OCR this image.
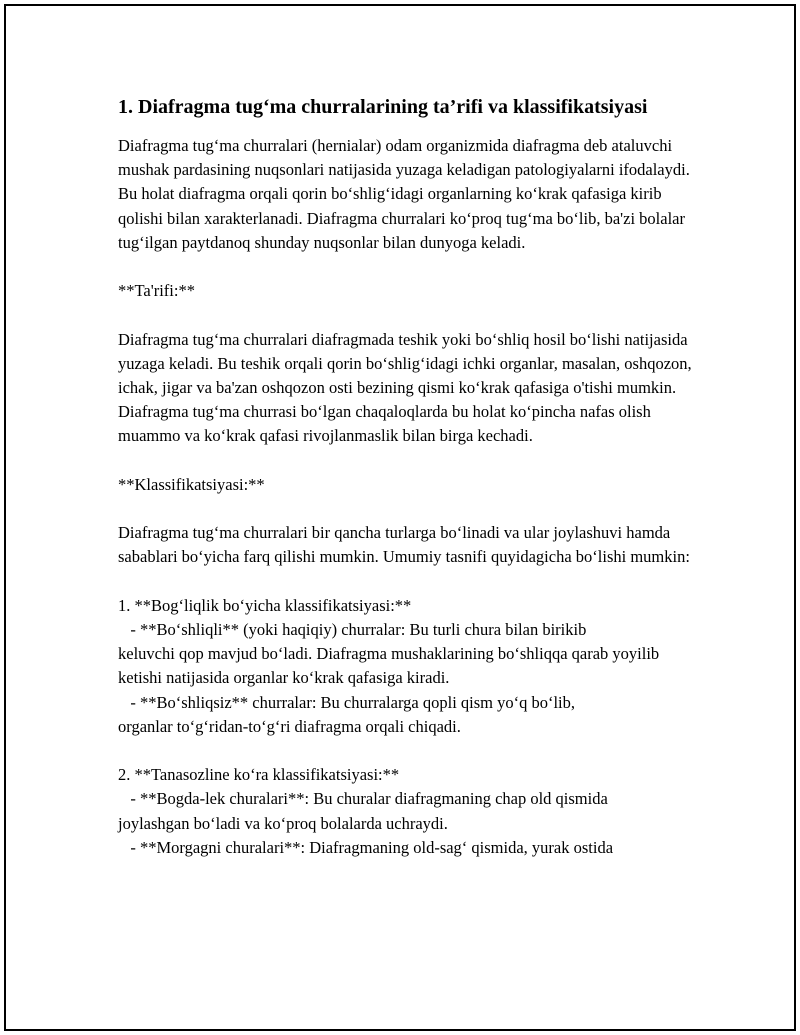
1. Diafragma tug‘ma churralarining ta’rifi va klassifikatsiyasi

Diafragma tug‘ma churralari (hernialar) odam organizmida diafragma deb ataluvchi mushak pardasining nuqsonlari natijasida yuzaga keladigan patologiyalarni ifodalaydi. Bu holat diafragma orqali qorin bo‘shlig‘idagi organlarning ko‘krak qafasiga kirib qolishi bilan xarakterlanadi. Diafragma churralari ko‘proq tug‘ma bo‘lib, ba'zi bolalar tug‘ilgan paytdanoq shunday nuqsonlar bilan dunyoga keladi.

**Ta'rifi:**

Diafragma tug‘ma churralari diafragmada teshik yoki bo‘shliq hosil bo‘lishi natijasida yuzaga keladi. Bu teshik orqali qorin bo‘shlig‘idagi ichki organlar, masalan, oshqozon, ichak, jigar va ba'zan oshqozon osti bezining qismi ko‘krak qafasiga o'tishi mumkin. Diafragma tug‘ma churrasi bo‘lgan chaqaloqlarda bu holat ko‘pincha nafas olish muammo va ko‘krak qafasi rivojlanmaslik bilan birga kechadi.

**Klassifikatsiyasi:**

Diafragma tug‘ma churralari bir qancha turlarga bo‘linadi va ular joylashuvi hamda sabablari bo‘yicha farq qilishi mumkin. Umumiy tasnifi quyidagicha bo‘lishi mumkin:

1. **Bog‘liqlik bo‘yicha klassifikatsiyasi:**

- **Bo‘shliqli** (yoki haqiqiy) churralar: Bu turli chura bilan birikib

keluvchi qop mavjud bo‘ladi. Diafragma mushaklarining bo‘shliqqa qarab yoyilib ketishi natijasida organlar ko‘krak qafasiga kiradi.

- **Bo‘shliqsiz** churralar: Bu churralarga qopli qism yo‘q bo‘lib,

organlar to‘g‘ridan-to‘g‘ri diafragma orqali chiqadi.

2. **Tanasozline ko‘ra klassifikatsiyasi:**

- **Bogda-lek churalari**: Bu churalar diafragmaning chap old qismida

joylashgan bo‘ladi va ko‘proq bolalarda uchraydi.

- **Morgagni churalari**: Diafragmaning old-sag‘ qismida, yurak ostida
